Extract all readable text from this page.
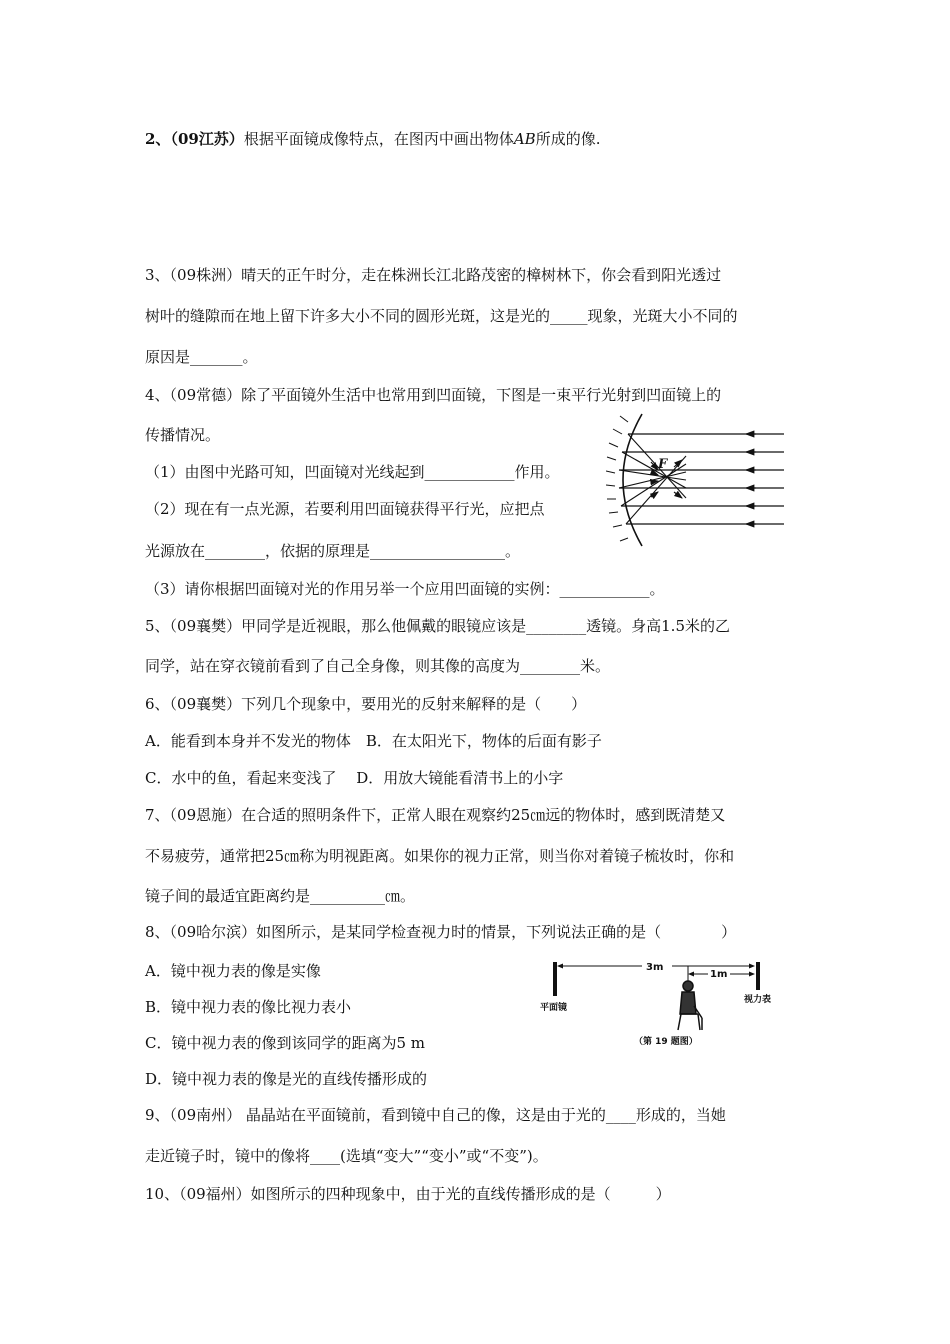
2、（09江苏）根据平面镜成像特点，在图丙中画出物体AB所成的像.
3、（09株洲）晴天的正午时分，走在株洲长江北路茂密的樟树林下，你会看到阳光透过
树叶的缝隙而在地上留下许多大小不同的圆形光斑，这是光的_____现象，光斑大小不同的
原因是_______。
4、（09常德）除了平面镜外生活中也常用到凹面镜，下图是一束平行光射到凹面镜上的
传播情况。
（1）由图中光路可知，凹面镜对光线起到____________作用。
（2）现在有一点光源，若要利用凹面镜获得平行光，应把点
光源放在________，依据的原理是__________________。
（3）请你根据凹面镜对光的作用另举一个应用凹面镜的实例：____________。
F
5、（09襄樊）甲同学是近视眼，那么他佩戴的眼镜应该是________透镜。身高1.5米的乙
同学，站在穿衣镜前看到了自己全身像，则其像的高度为________米。
6、（09襄樊）下列几个现象中，要用光的反射来解释的是（　　）
A．能看到本身并不发光的物体　B．在太阳光下，物体的后面有影子
C．水中的鱼，看起来变浅了　 D．用放大镜能看清书上的小字
7、（09恩施）在合适的照明条件下，正常人眼在观察约25㎝远的物体时，感到既清楚又
不易疲劳，通常把25㎝称为明视距离。如果你的视力正常，则当你对着镜子梳妆时，你和
镜子间的最适宜距离约是__________㎝。
8、（09哈尔滨）如图所示，是某同学检查视力时的情景，下列说法正确的是（　　　　）
A．镜中视力表的像是实像
B．镜中视力表的像比视力表小
C．镜中视力表的像到该同学的距离为5 m
D．镜中视力表的像是光的直线传播形成的
3m
1m
平面镜
视力表
（第 19 题图）
9、（09南州） 晶晶站在平面镜前，看到镜中自己的像，这是由于光的____形成的，当她
走近镜子时，镜中的像将____(选填“变大”“变小”或“不变”)。
10、（09福州）如图所示的四种现象中，由于光的直线传播形成的是（　　　）
